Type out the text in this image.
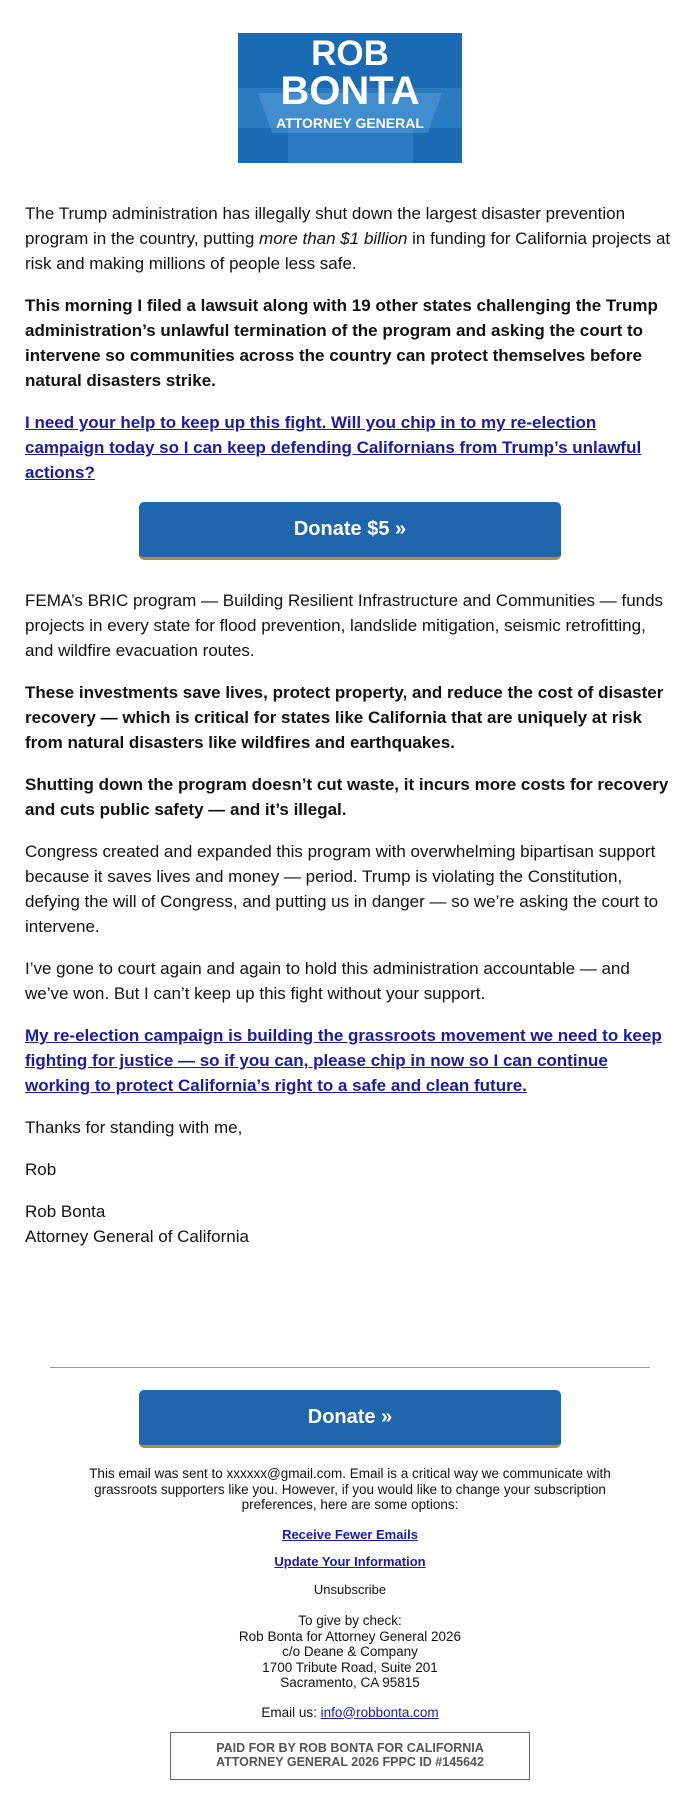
ROB
BONTA
ATTORNEY GENERAL

The Trump administration has illegally shut down the largest disaster prevention program in the country, putting more than $1 billion in funding for California projects at risk and making millions of people less safe.

This morning I filed a lawsuit along with 19 other states challenging the Trump administration’s unlawful termination of the program and asking the court to intervene so communities across the country can protect themselves before natural disasters strike.

I need your help to keep up this fight. Will you chip in to my re-election campaign today so I can keep defending Californians from Trump’s unlawful actions?

Donate $5 »

FEMA’s BRIC program — Building Resilient Infrastructure and Communities — funds projects in every state for flood prevention, landslide mitigation, seismic retrofitting, and wildfire evacuation routes.

These investments save lives, protect property, and reduce the cost of disaster recovery — which is critical for states like California that are uniquely at risk from natural disasters like wildfires and earthquakes.

Shutting down the program doesn’t cut waste, it incurs more costs for recovery and cuts public safety — and it’s illegal.

Congress created and expanded this program with overwhelming bipartisan support because it saves lives and money — period. Trump is violating the Constitution, defying the will of Congress, and putting us in danger — so we’re asking the court to intervene.

I’ve gone to court again and again to hold this administration accountable — and we’ve won. But I can’t keep up this fight without your support.

My re-election campaign is building the grassroots movement we need to keep fighting for justice — so if you can, please chip in now so I can continue working to protect California’s right to a safe and clean future.

Thanks for standing with me,

Rob

Rob Bonta

Attorney General of California

Donate »

This email was sent to xxxxxx@gmail.com. Email is a critical way we communicate with grassroots supporters like you. However, if you would like to change your subscription preferences, here are some options:

Receive Fewer Emails

Update Your Information

Unsubscribe

To give by check:

Rob Bonta for Attorney General 2026

c/o Deane & Company

1700 Tribute Road, Suite 201

Sacramento, CA 95815

Email us: info@robbonta.com

PAID FOR BY ROB BONTA FOR CALIFORNIA
ATTORNEY GENERAL 2026 FPPC ID #145642
